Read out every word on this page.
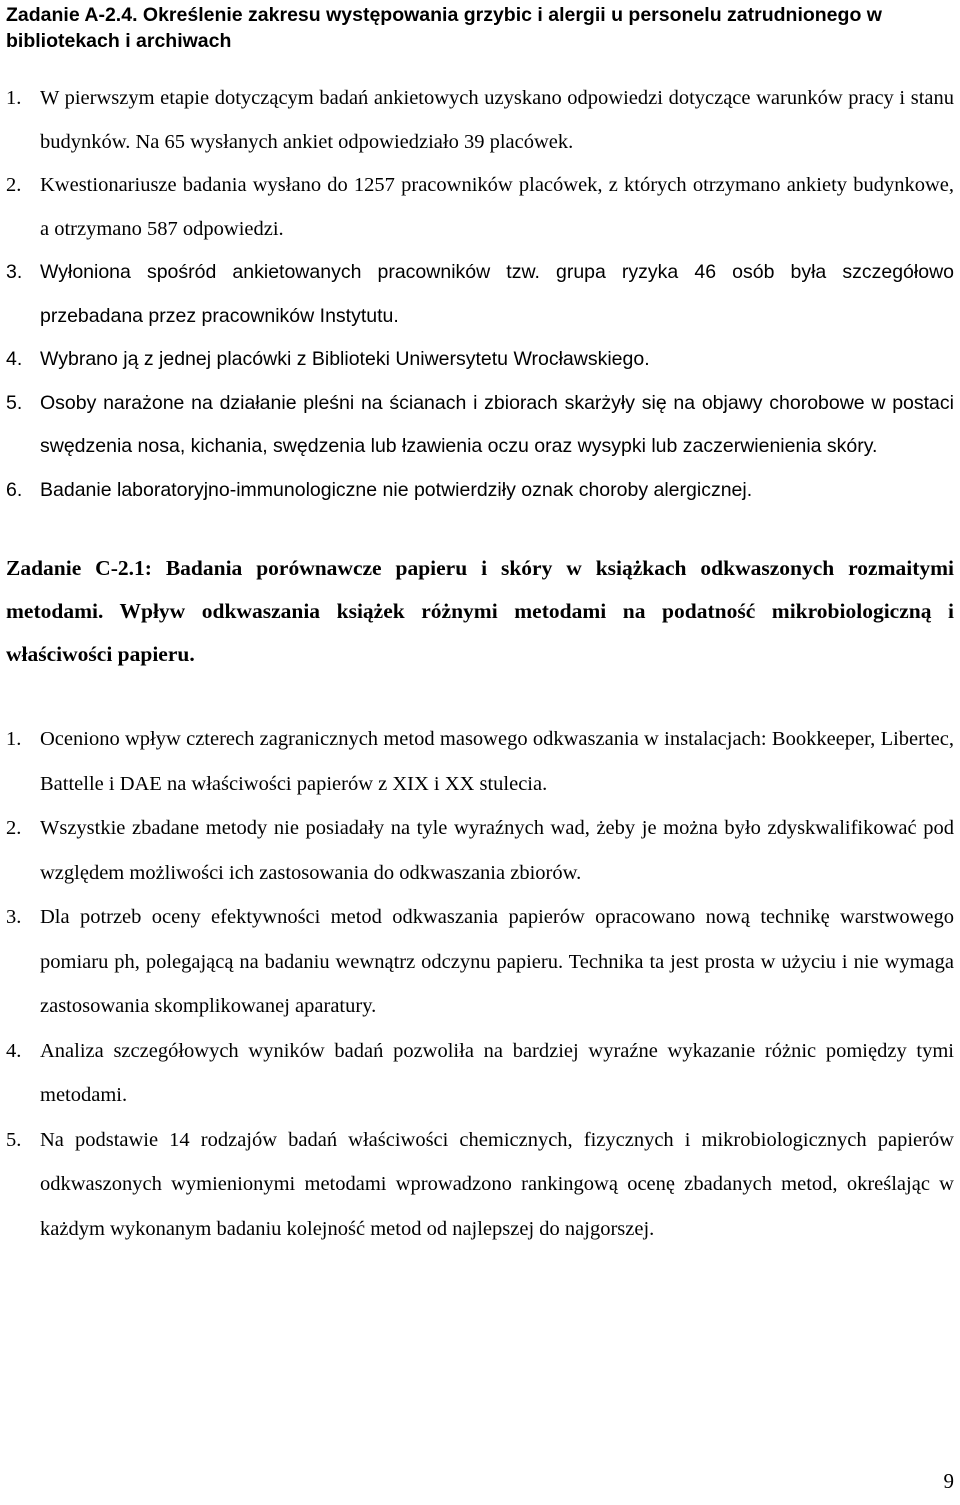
Zadanie A-2.4. Określenie zakresu występowania grzybic i alergii u personelu zatrudnionego w bibliotekach i archiwach
1. W pierwszym etapie dotyczącym badań ankietowych uzyskano odpowiedzi dotyczące warunków pracy i stanu budynków. Na 65 wysłanych ankiet odpowiedziało 39 placówek.
2. Kwestionariusze badania wysłano do 1257 pracowników placówek, z których otrzymano ankiety budynkowe, a otrzymano 587 odpowiedzi.
3. Wyłoniona spośród ankietowanych pracowników tzw. grupa ryzyka 46 osób była szczegółowo przebadana przez pracowników Instytutu.
4. Wybrano ją z jednej placówki z Biblioteki Uniwersytetu Wrocławskiego.
5. Osoby narażone na działanie pleśni na ścianach i zbiorach skarżyły się na objawy chorobowe w postaci swędzenia nosa, kichania, swędzenia lub łzawienia oczu oraz wysypki lub zaczerwienienia skóry.
6. Badanie laboratoryjno-immunologiczne nie potwierdziły oznak choroby alergicznej.
Zadanie C-2.1: Badania porównawcze papieru i skóry w książkach odkwaszonych rozmaitymi metodami. Wpływ odkwaszania książek różnymi metodami na podatność mikrobiologiczną i właściwości papieru.
1. Oceniono wpływ czterech zagranicznych metod masowego odkwaszania w instalacjach: Bookkeeper, Libertec, Battelle i DAE na właściwości papierów z XIX i XX stulecia.
2. Wszystkie zbadane metody nie posiadały na tyle wyraźnych wad, żeby je można było zdyskwalifikować pod względem możliwości ich zastosowania do odkwaszania zbiorów.
3. Dla potrzeb oceny efektywności metod odkwaszania papierów opracowano nową technikę warstwowego pomiaru ph, polegającą na badaniu wewnątrz odczynu papieru. Technika ta jest prosta w użyciu i nie wymaga zastosowania skomplikowanej aparatury.
4. Analiza szczegółowych wyników badań pozwoliła na bardziej wyraźne wykazanie różnic pomiędzy tymi metodami.
5. Na podstawie 14 rodzajów badań właściwości chemicznych, fizycznych i mikrobiologicznych papierów odkwaszonych wymienionymi metodami wprowadzono rankingową ocenę zbadanych metod, określając w każdym wykonanym badaniu kolejność metod od najlepszej do najgorszej.
9
